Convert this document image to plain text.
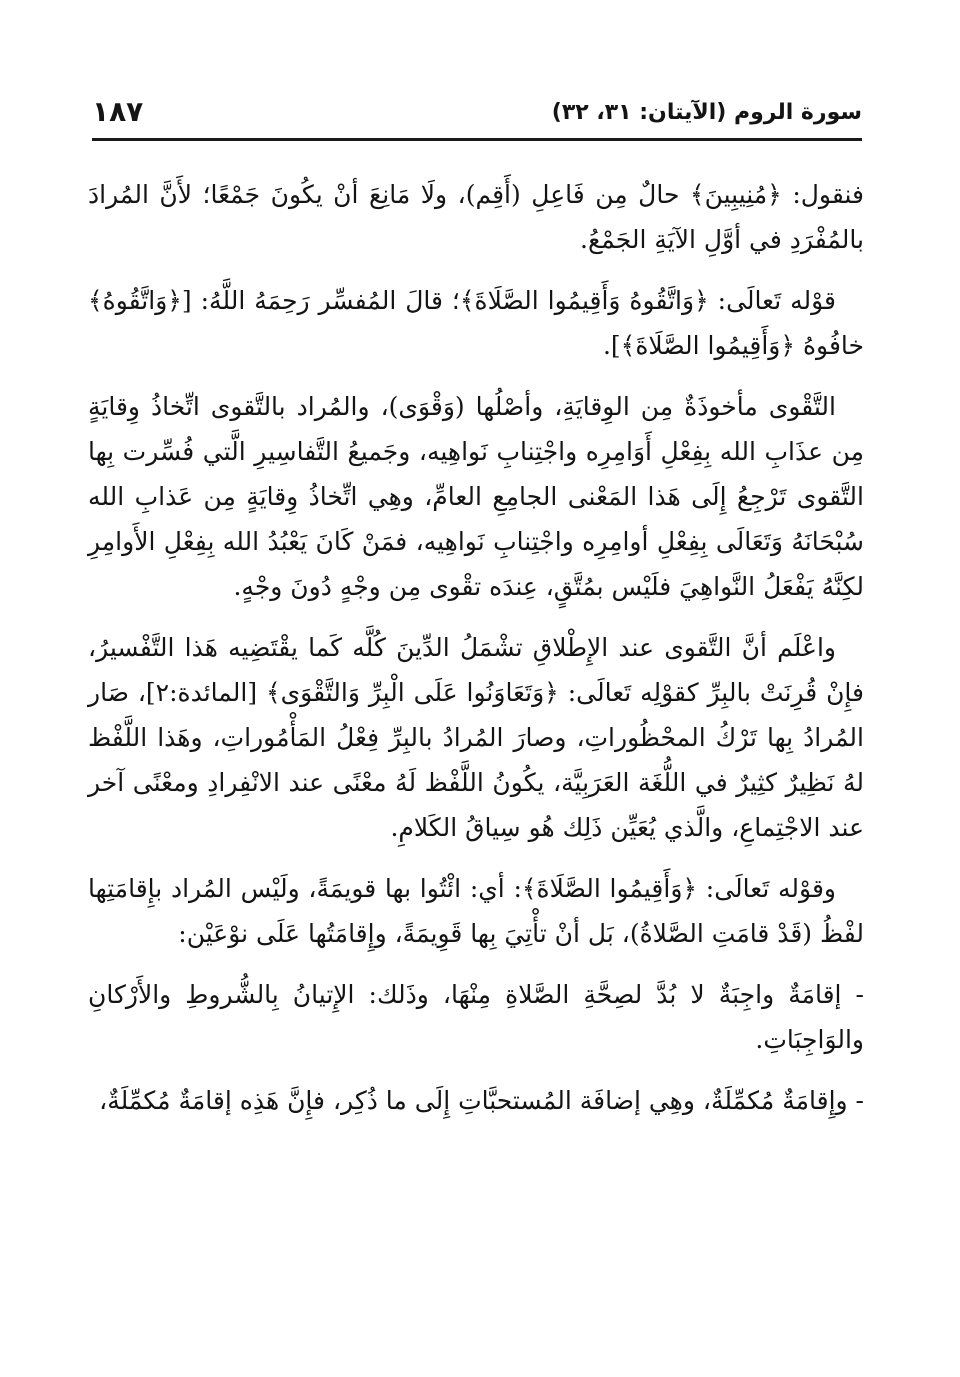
سورة الروم (الآيتان: ٣١، ٣٢)
١٨٧

فنقول: ﴿مُنِيبِينَ﴾ حالٌ مِن فَاعِلِ (أَقِم)، ولَا مَانِعَ أنْ يكُونَ جَمْعًا؛ لأَنَّ المُرادَ بالمُفْرَدِ في أوَّلِ الآيَةِ الجَمْعُ.

قوْله تَعالَى: ﴿وَاتَّقُوهُ وَأَقِيمُوا الصَّلَاةَ﴾؛ قالَ المُفسِّر رَحِمَهُ اللَّهُ: [﴿وَاتَّقُوهُ﴾ خافُوهُ ﴿وَأَقِيمُوا الصَّلَاةَ﴾].

التَّقْوى مأخوذَةٌ مِن الوِقايَةِ، وأصْلُها (وَقْوَى)، والمُراد بالتَّقوى اتِّخاذُ وِقايَةٍ مِن عذَابِ الله بِفِعْلِ أَوَامِرِه واجْتِنابِ نَواهِيه، وجَميعُ التَّفاسِيرِ الَّتي فُسِّرت بِها التَّقوى تَرْجِعُ إِلَى هَذا المَعْنى الجامِعِ العامِّ، وهِي اتِّخاذُ وِقايَةٍ مِن عَذابِ الله سُبْحَانَهُ وَتَعَالَى بِفِعْلِ أوامِرِه واجْتِنابِ نَواهِيه، فمَنْ كَانَ يَعْبُدُ الله بِفِعْلِ الأَوامِرِ لكِنَّهُ يَفْعَلُ النَّواهِيَ فلَيْس بمُتَّقٍ، عِندَه تقْوى مِن وجْهٍ دُونَ وجْهٍ.

واعْلَم أنَّ التَّقوى عند الإِطْلاقِ تشْمَلُ الدِّينَ كُلَّه كَما يقْتَضِيه هَذا التَّفْسيرُ، فإِنْ قُرِنَتْ بالبِرِّ كقوْلِه تَعالَى: ﴿وَتَعَاوَنُوا عَلَى الْبِرِّ وَالتَّقْوَى﴾ [المائدة:٢]، صَار المُرادُ بِها تَرْكُ المحْظُوراتِ، وصارَ المُرادُ بالبِرِّ فِعْلُ المَأْمُوراتِ، وهَذا اللَّفْظ لهُ نَظِيرٌ كثِيرٌ في اللُّغَة العَرَبِيَّة، يكُونُ اللَّفْظ لَهُ معْنًى عند الانْفِرادِ ومعْنًى آخر عند الاجْتِماعِ، والَّذي يُعَيِّن ذَلِك هُو سِياقُ الكَلامِ.

وقوْله تَعالَى: ﴿وَأَقِيمُوا الصَّلَاةَ﴾: أي: ائْتُوا بها قويمَةً، ولَيْس المُراد بإِقامَتِها لفْظُ (قَدْ قامَتِ الصَّلاةُ)، بَل أنْ تأْتِيَ بِها قَوِيمَةً، وإِقامَتُها عَلَى نوْعَيْن:

- إقامَةٌ واجِبَةٌ لا بُدَّ لصِحَّةِ الصَّلاةِ مِنْهَا، وذَلك: الإِتيانُ بِالشُّروطِ والأَرْكانِ والوَاجِبَاتِ.

- وإِقامَةٌ مُكمِّلَةٌ، وهِي إضافَة المُستحبَّاتِ إِلَى ما ذُكِر، فإِنَّ هَذِه إقامَةٌ مُكمِّلَةٌ،
